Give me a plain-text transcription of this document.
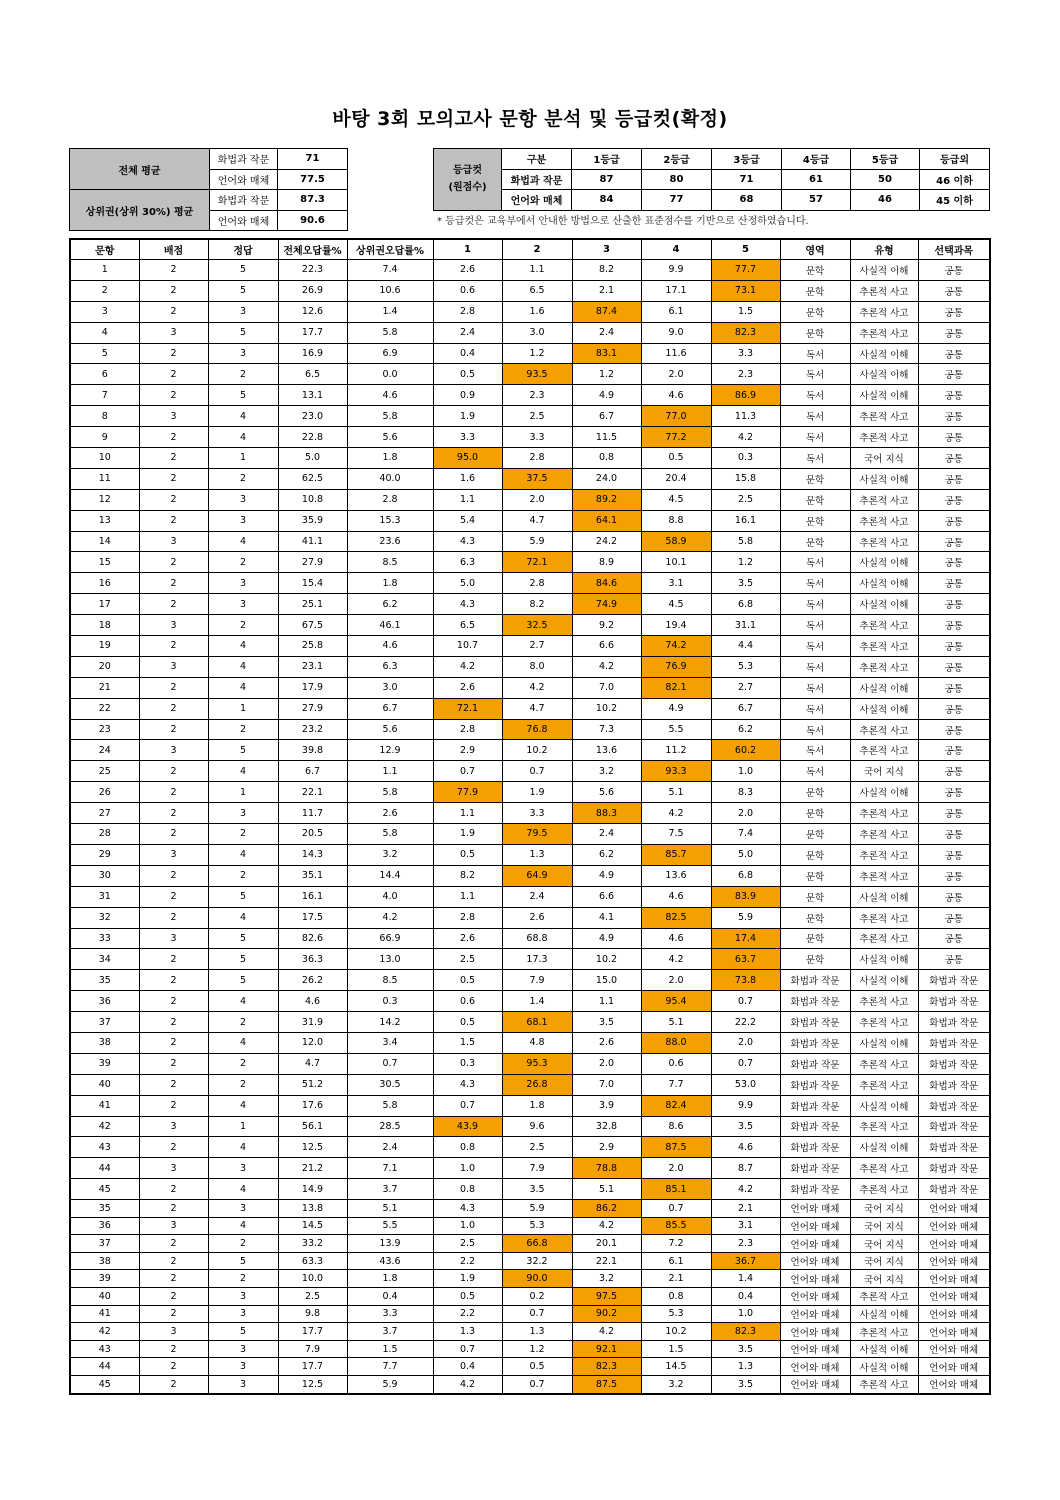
바탕 3회 모의고사 문항 분석 및 등급컷(확정)
전체 평균	화법과 작문	71
	언어와 매체	77.5
상위권(상위 30%) 평균	화법과 작문	87.3
	언어와 매체	90.6
등급컷
(원점수)	구분	1등급	2등급	3등급	4등급	5등급	등급외
	화법과 작문	87	80	71	61	50	46 이하
	언어와 매체	84	77	68	57	46	45 이하
* 등급컷은 교육부에서 안내한 방법으로 산출한 표준점수를 기반으로 산정하였습니다.
문항	배점	정답	전체오답률%	상위권오답률%	1	2	3	4	5	영역	유형	선택과목
1	2	5	22.3	7.4	2.6	1.1	8.2	9.9	77.7	문학	사실적 이해	공통
2	2	5	26.9	10.6	0.6	6.5	2.1	17.1	73.1	문학	추론적 사고	공통
3	2	3	12.6	1.4	2.8	1.6	87.4	6.1	1.5	문학	추론적 사고	공통
4	3	5	17.7	5.8	2.4	3.0	2.4	9.0	82.3	문학	추론적 사고	공통
5	2	3	16.9	6.9	0.4	1.2	83.1	11.6	3.3	독서	사실적 이해	공통
6	2	2	6.5	0.0	0.5	93.5	1.2	2.0	2.3	독서	사실적 이해	공통
7	2	5	13.1	4.6	0.9	2.3	4.9	4.6	86.9	독서	사실적 이해	공통
8	3	4	23.0	5.8	1.9	2.5	6.7	77.0	11.3	독서	추론적 사고	공통
9	2	4	22.8	5.6	3.3	3.3	11.5	77.2	4.2	독서	추론적 사고	공통
10	2	1	5.0	1.8	95.0	2.8	0.8	0.5	0.3	독서	국어 지식	공통
11	2	2	62.5	40.0	1.6	37.5	24.0	20.4	15.8	문학	사실적 이해	공통
12	2	3	10.8	2.8	1.1	2.0	89.2	4.5	2.5	문학	추론적 사고	공통
13	2	3	35.9	15.3	5.4	4.7	64.1	8.8	16.1	문학	추론적 사고	공통
14	3	4	41.1	23.6	4.3	5.9	24.2	58.9	5.8	문학	추론적 사고	공통
15	2	2	27.9	8.5	6.3	72.1	8.9	10.1	1.2	독서	사실적 이해	공통
16	2	3	15.4	1.8	5.0	2.8	84.6	3.1	3.5	독서	사실적 이해	공통
17	2	3	25.1	6.2	4.3	8.2	74.9	4.5	6.8	독서	사실적 이해	공통
18	3	2	67.5	46.1	6.5	32.5	9.2	19.4	31.1	독서	추론적 사고	공통
19	2	4	25.8	4.6	10.7	2.7	6.6	74.2	4.4	독서	추론적 사고	공통
20	3	4	23.1	6.3	4.2	8.0	4.2	76.9	5.3	독서	추론적 사고	공통
21	2	4	17.9	3.0	2.6	4.2	7.0	82.1	2.7	독서	사실적 이해	공통
22	2	1	27.9	6.7	72.1	4.7	10.2	4.9	6.7	독서	사실적 이해	공통
23	2	2	23.2	5.6	2.8	76.8	7.3	5.5	6.2	독서	추론적 사고	공통
24	3	5	39.8	12.9	2.9	10.2	13.6	11.2	60.2	독서	추론적 사고	공통
25	2	4	6.7	1.1	0.7	0.7	3.2	93.3	1.0	독서	국어 지식	공통
26	2	1	22.1	5.8	77.9	1.9	5.6	5.1	8.3	문학	사실적 이해	공통
27	2	3	11.7	2.6	1.1	3.3	88.3	4.2	2.0	문학	추론적 사고	공통
28	2	2	20.5	5.8	1.9	79.5	2.4	7.5	7.4	문학	추론적 사고	공통
29	3	4	14.3	3.2	0.5	1.3	6.2	85.7	5.0	문학	추론적 사고	공통
30	2	2	35.1	14.4	8.2	64.9	4.9	13.6	6.8	문학	추론적 사고	공통
31	2	5	16.1	4.0	1.1	2.4	6.6	4.6	83.9	문학	사실적 이해	공통
32	2	4	17.5	4.2	2.8	2.6	4.1	82.5	5.9	문학	추론적 사고	공통
33	3	5	82.6	66.9	2.6	68.8	4.9	4.6	17.4	문학	추론적 사고	공통
34	2	5	36.3	13.0	2.5	17.3	10.2	4.2	63.7	문학	사실적 이해	공통
35	2	5	26.2	8.5	0.5	7.9	15.0	2.0	73.8	화법과 작문	사실적 이해	화법과 작문
36	2	4	4.6	0.3	0.6	1.4	1.1	95.4	0.7	화법과 작문	추론적 사고	화법과 작문
37	2	2	31.9	14.2	0.5	68.1	3.5	5.1	22.2	화법과 작문	추론적 사고	화법과 작문
38	2	4	12.0	3.4	1.5	4.8	2.6	88.0	2.0	화법과 작문	사실적 이해	화법과 작문
39	2	2	4.7	0.7	0.3	95.3	2.0	0.6	0.7	화법과 작문	추론적 사고	화법과 작문
40	2	2	51.2	30.5	4.3	26.8	7.0	7.7	53.0	화법과 작문	추론적 사고	화법과 작문
41	2	4	17.6	5.8	0.7	1.8	3.9	82.4	9.9	화법과 작문	사실적 이해	화법과 작문
42	3	1	56.1	28.5	43.9	9.6	32.8	8.6	3.5	화법과 작문	추론적 사고	화법과 작문
43	2	4	12.5	2.4	0.8	2.5	2.9	87.5	4.6	화법과 작문	사실적 이해	화법과 작문
44	3	3	21.2	7.1	1.0	7.9	78.8	2.0	8.7	화법과 작문	추론적 사고	화법과 작문
45	2	4	14.9	3.7	0.8	3.5	5.1	85.1	4.2	화법과 작문	추론적 사고	화법과 작문
35	2	3	13.8	5.1	4.3	5.9	86.2	0.7	2.1	언어와 매체	국어 지식	언어와 매체
36	3	4	14.5	5.5	1.0	5.3	4.2	85.5	3.1	언어와 매체	국어 지식	언어와 매체
37	2	2	33.2	13.9	2.5	66.8	20.1	7.2	2.3	언어와 매체	국어 지식	언어와 매체
38	2	5	63.3	43.6	2.2	32.2	22.1	6.1	36.7	언어와 매체	국어 지식	언어와 매체
39	2	2	10.0	1.8	1.9	90.0	3.2	2.1	1.4	언어와 매체	국어 지식	언어와 매체
40	2	3	2.5	0.4	0.5	0.2	97.5	0.8	0.4	언어와 매체	추론적 사고	언어와 매체
41	2	3	9.8	3.3	2.2	0.7	90.2	5.3	1.0	언어와 매체	사실적 이해	언어와 매체
42	3	5	17.7	3.7	1.3	1.3	4.2	10.2	82.3	언어와 매체	추론적 사고	언어와 매체
43	2	3	7.9	1.5	0.7	1.2	92.1	1.5	3.5	언어와 매체	사실적 이해	언어와 매체
44	2	3	17.7	7.7	0.4	0.5	82.3	14.5	1.3	언어와 매체	사실적 이해	언어와 매체
45	2	3	12.5	5.9	4.2	0.7	87.5	3.2	3.5	언어와 매체	추론적 사고	언어와 매체
